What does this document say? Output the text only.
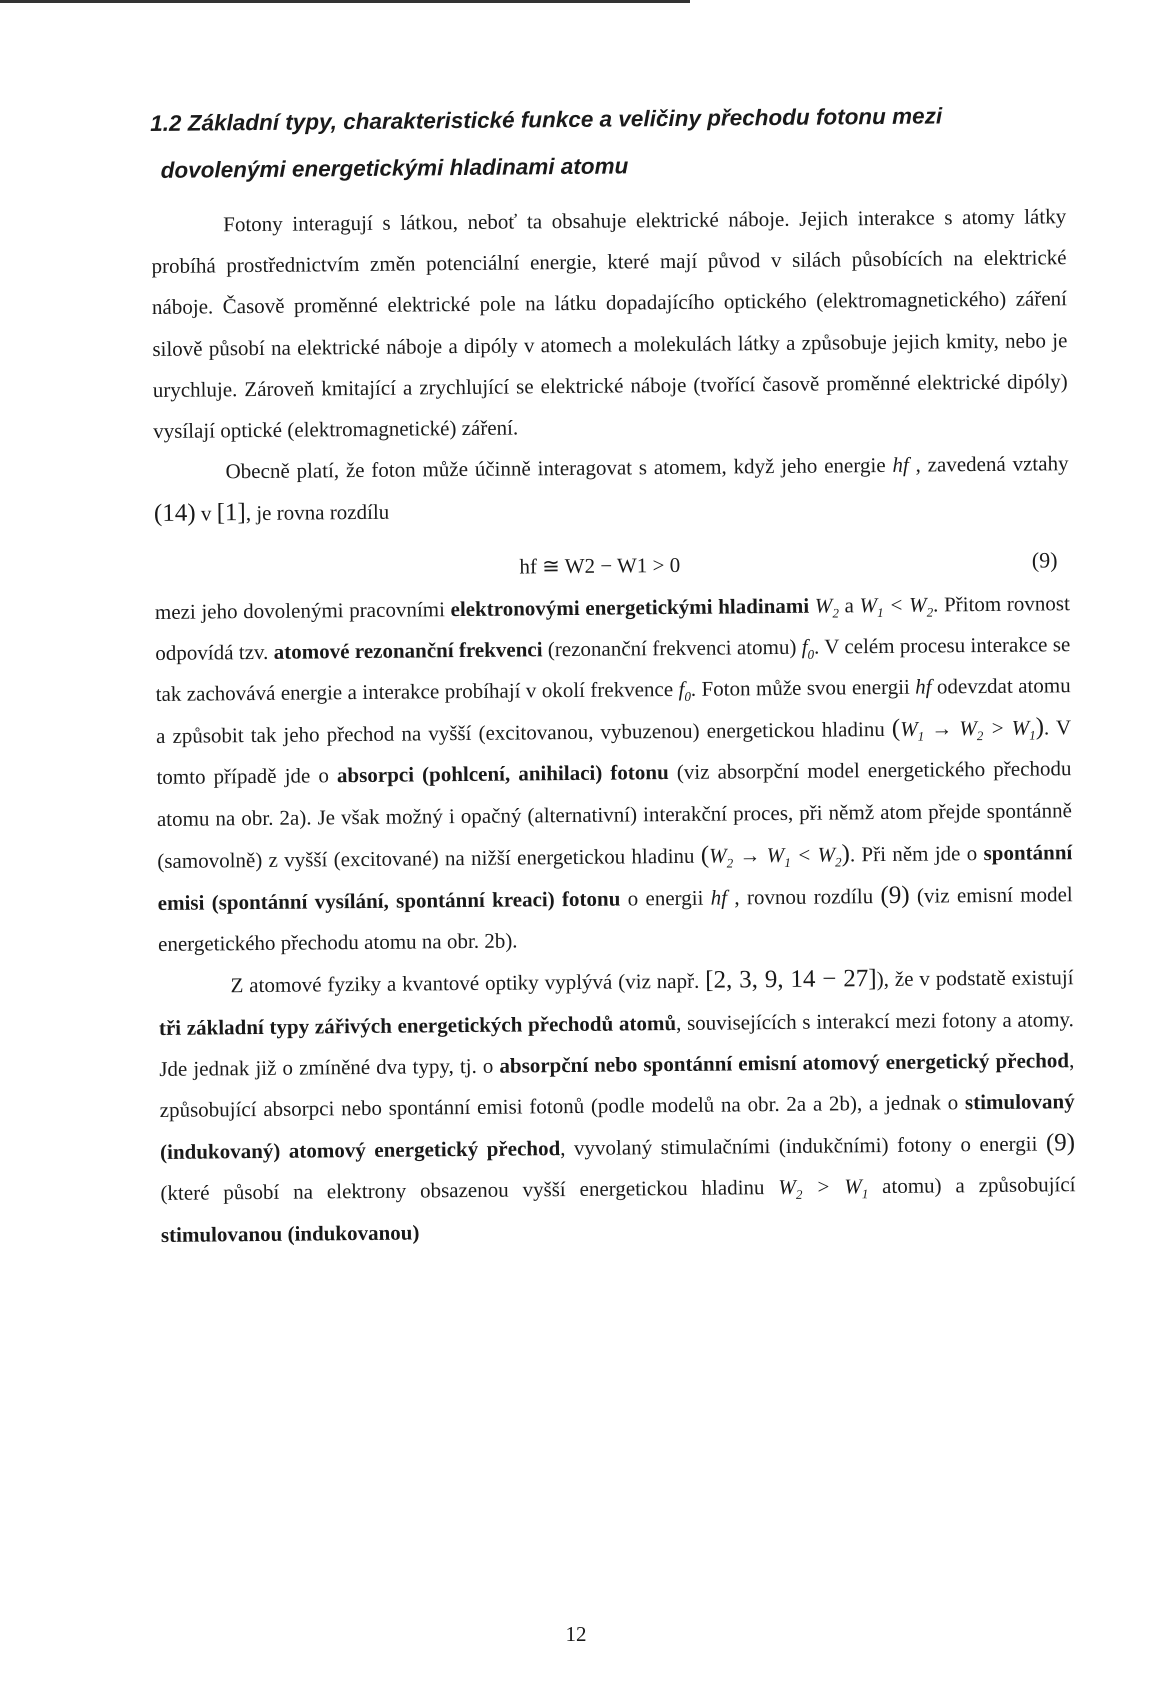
1.2 Základní typy, charakteristické funkce a veličiny přechodu fotonu mezi
dovolenými energetickými hladinami atomu

Fotony interagují s látkou, neboť ta obsahuje elektrické náboje. Jejich interakce s atomy látky probíhá prostřednictvím změn potenciální energie, které mají původ v silách působících na elektrické náboje. Časově proměnné elektrické pole na látku dopadajícího optického (elektromagnetického) záření silově působí na elektrické náboje a dipóly v atomech a molekulách látky a způsobuje jejich kmity, nebo je urychluje. Zároveň kmitající a zrychlující se elektrické náboje (tvořící časově proměnné elektrické dipóly) vysílají optické (elektromagnetické) záření.

Obecně platí, že foton může účinně interagovat s atomem, když jeho energie hf , zavedená vztahy (14) v [1], je rovna rozdílu

hf ≅ W2 − W1 > 0	(9)

mezi jeho dovolenými pracovními elektronovými energetickými hladinami $W_2$ a $W_1 < W_2$. Přitom rovnost odpovídá tzv. atomové rezonanční frekvenci (rezonanční frekvenci atomu) $f_0$. V celém procesu interakce se tak zachovává energie a interakce probíhají v okolí frekvence $f_0$. Foton může svou energii hf odevzdat atomu a způsobit tak jeho přechod na vyšší (excitovanou, vybuzenou) energetickou hladinu $(W_1 \to W_2 > W_1)$. V tomto případě jde o absorpci (pohlcení, anihilaci) fotonu (viz absorpční model energetického přechodu atomu na obr. 2a). Je však možný i opačný (alternativní) interakční proces, při němž atom přejde spontánně (samovolně) z vyšší (excitované) na nižší energetickou hladinu $(W_2 \to W_1 < W_2)$. Při něm jde o spontánní emisi (spontánní vysílání, spontánní kreaci) fotonu o energii hf , rovnou rozdílu (9) (viz emisní model energetického přechodu atomu na obr. 2b).

Z atomové fyziky a kvantové optiky vyplývá (viz např. [2, 3, 9, 14 − 27]), že v podstatě existují tři základní typy zářivých energetických přechodů atomů, souvisejících s interakcí mezi fotony a atomy. Jde jednak již o zmíněné dva typy, tj. o absorpční nebo spontánní emisní atomový energetický přechod, způsobující absorpci nebo spontánní emisi fotonů (podle modelů na obr. 2a a 2b), a jednak o stimulovaný (indukovaný) atomový energetický přechod, vyvolaný stimulačními (indukčními) fotony o energii (9) (které působí na elektrony obsazenou vyšší energetickou hladinu $W_2 > W_1$ atomu) a způsobující stimulovanou (indukovanou)

12
